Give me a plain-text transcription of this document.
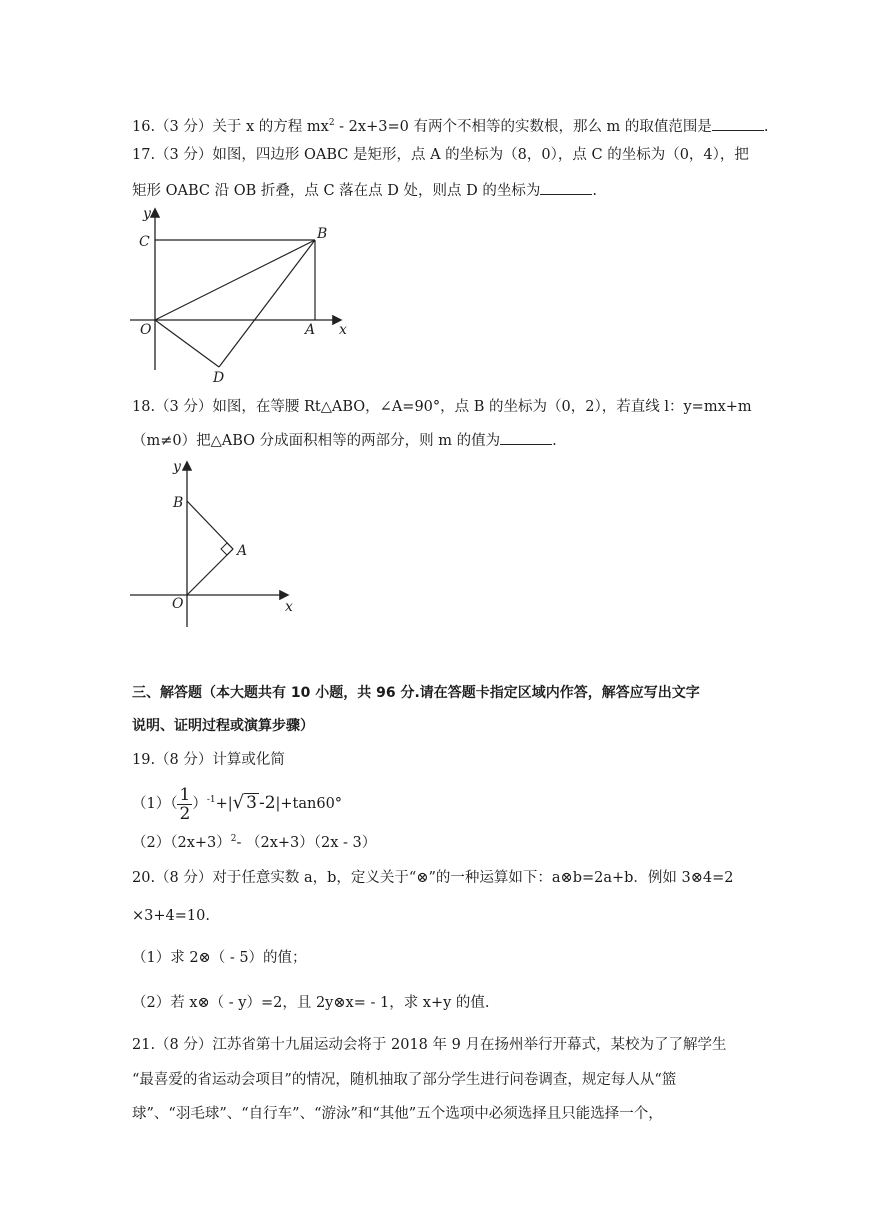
16.（3 分）关于 x 的方程 $mx^2 - 2x+3=0$ 有两个不相等的实数根，那么 m 的取值范围是	.
17.（3 分）如图，四边形 OABC 是矩形，点 A 的坐标为（8，0），点 C 的坐标为（0，4），把
矩形 OABC 沿 OB 折叠，点 C 落在点 D 处，则点 D 的坐标为	.
y
C	B
O	A x
D
18.（3 分）如图，在等腰 Rt△ABO，∠A=90°，点 B 的坐标为（0，2），若直线 l：y=mx+m
（m≠0）把△ABO 分成面积相等的两部分，则 m 的值为	.
y
B
A
O	x
三、解答题（本大题共有 10 小题，共 96 分.请在答题卡指定区域内作答，解答应写出文字
说明、证明过程或演算步骤）
19.（8 分）计算或化简
$(1)( \frac{1}{2} )^{-1}+|√$ 3 -2|+tan60°
$(2)(2x+3)^2-$ （2x+3）（2x - 3）
20.（8 分）对于任意实数 a，b，定义关于“⊗”的一种运算如下：a⊗b=2a+b．例如 3⊗4=2
×3+4=10.
（1）求 2⊗（ - 5）的值；
（2）若 x⊗（ - y）=2，且 2y⊗x= - 1，求 x+y 的值.
21.（8 分）江苏省第十九届运动会将于 2018 年 9 月在扬州举行开幕式，某校为了了解学生
“最喜爱的省运动会项目”的情况，随机抽取了部分学生进行问卷调查，规定每人从“篮
球”、“羽毛球”、“自行车”、“游泳”和“其他”五个选项中必须选择且只能选择一个，
